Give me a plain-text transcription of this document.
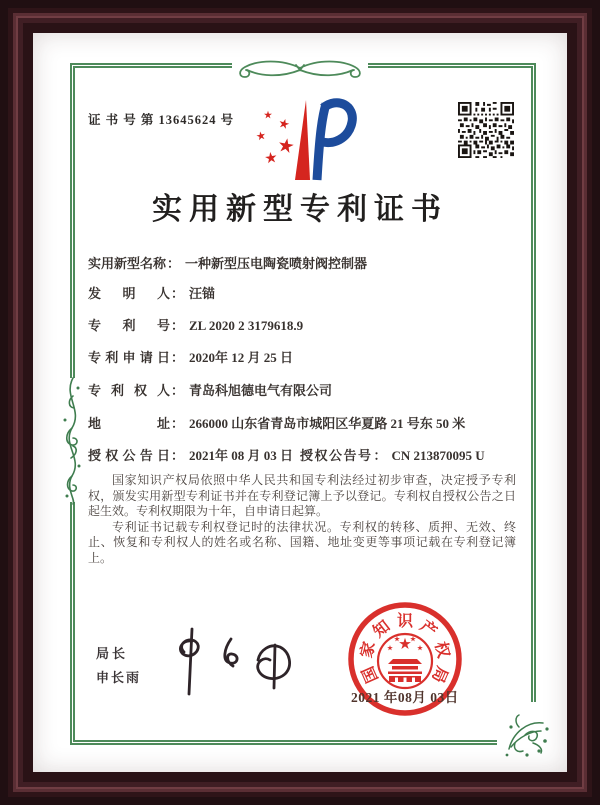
证 书 号 第 13645624 号
实用新型专利证书
实用新型名称： 一种新型压电陶瓷喷射阀控制器
发 明 人： 汪锚
专 利 号： ZL 2020 2 3179618.9
专利申请日： 2020年 12 月 25 日
专 利 权 人： 青岛科旭德电气有限公司
地 址： 266000 山东省青岛市城阳区华夏路 21 号东 50 米
授权公告日： 2021年 08 月 03 日 授权公告号： CN 213870095 U

国家知识产权局依照中华人民共和国专利法经过初步审查，决定授予专利权，颁发实用新型专利证书并在专利登记簿上予以登记。专利权自授权公告之日起生效。专利权期限为十年，自申请日起算。

专利证书记载专利权登记时的法律状况。专利权的转移、质押、无效、终止、恢复和专利权人的姓名或名称、国籍、地址变更等事项记载在专利登记簿上。

局长
申长雨	国
家
知 识 产
权
局
2021 年08月 03日
